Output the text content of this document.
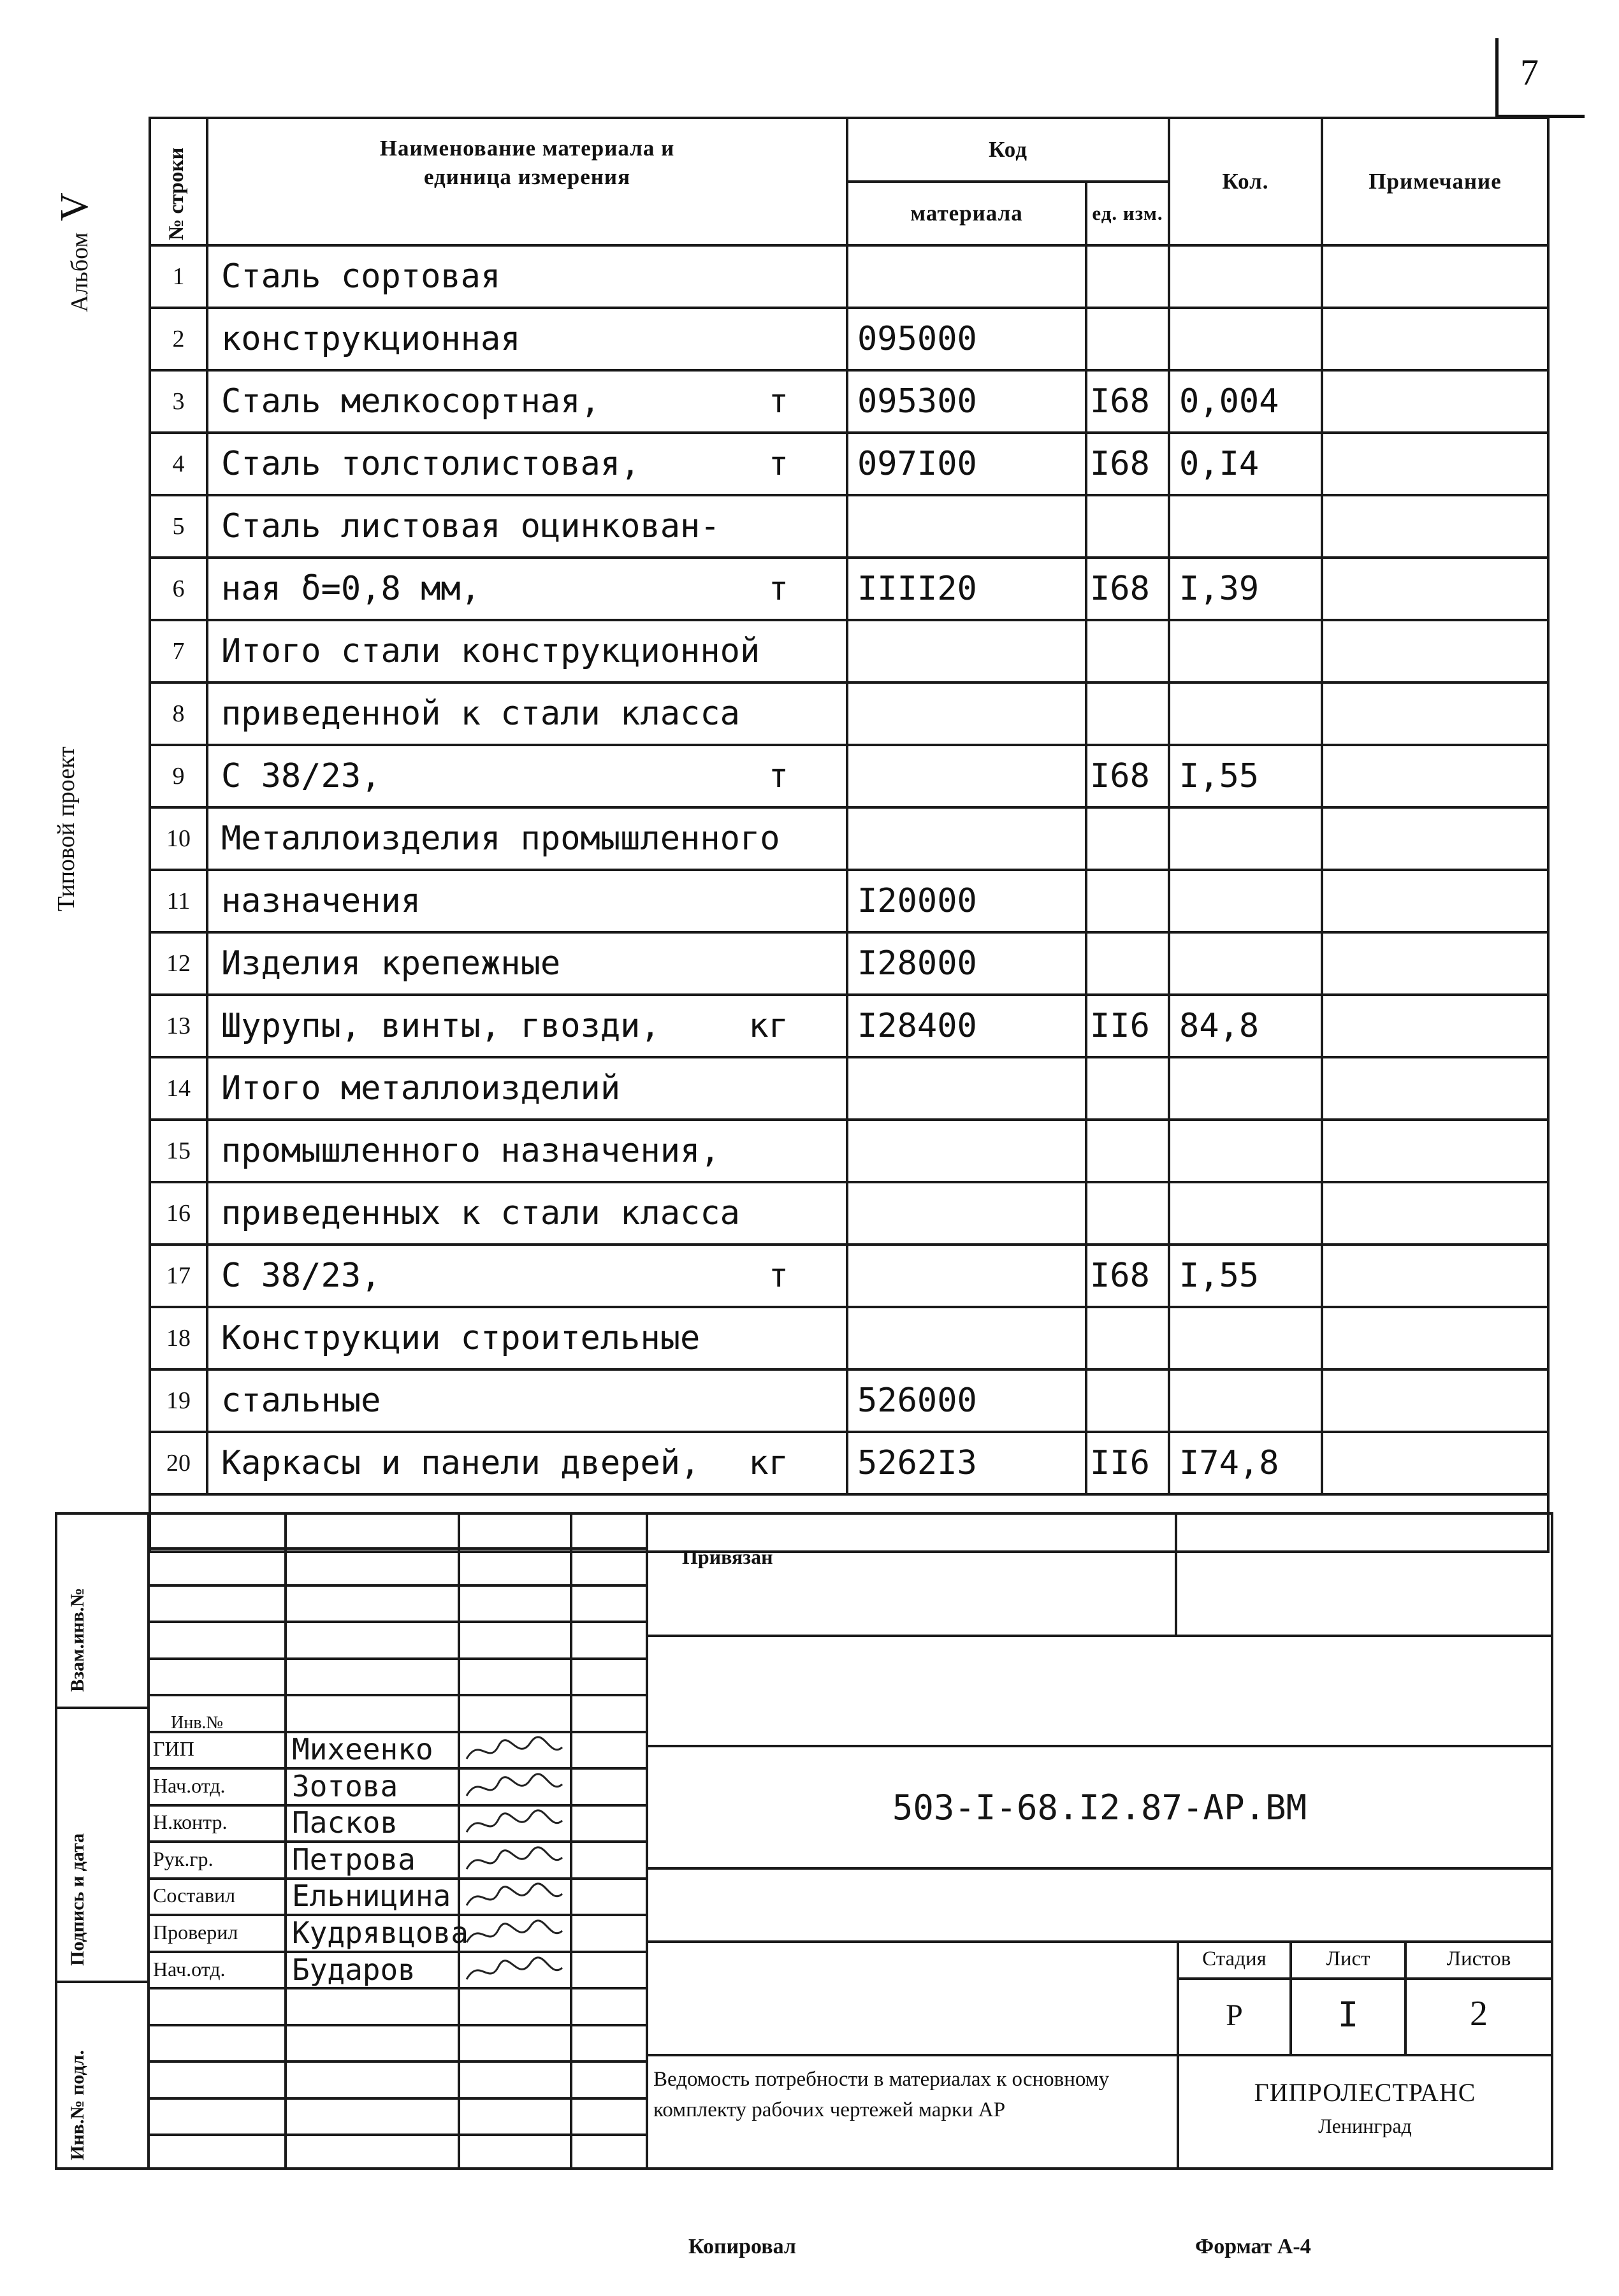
7
Альбом V
Типовой проект
№ строки	Наименование материала и единица измерения	Код		Кол.	Примечание
		материала	ед. изм.		
1	Сталь сортовая

2	конструкционная	095000			
3	Сталь мелкосортная, т	095300	I68	0,004	
4	Сталь толстолистовая, т	097I00	I68	0,I4	
5	Сталь листовая оцинкован-

6	ная δ=0,8 мм, т	IIII20	I68	I,39	
7	Итого стали конструкционной

8	приведенной к стали класса

9	С 38/23, т		I68	I,55	
10	Металлоизделия промышленного

11	назначения	I20000			
12	Изделия крепежные	I28000			
13	Шурупы, винты, гвозди, кг	I28400	II6	84,8	
14	Итого металлоизделий

15	промышленного назначения,

16	приведенных к стали класса

17	С 38/23, т		I68	I,55	
18	Конструкции строительные

19	стальные	526000			
20	Каркасы и панели дверей, кг	5262I3	II6	I74,8	

Взам.инв.№
Подпись и дата
Инв.№ подл.
Привязан
Инв.№
ГИП	Михеенко
Нач.отд. Зотова
Н.контр. Пасков
Рук.гр.	Петрова
Составил Ельницина
Проверил Кудрявцова
Нач.отд. Бударов
503-I-68.I2.87-АР.ВМ
Стадия	Лист	Листов
Р	I	2
Ведомость потребности в материалах к основному комплекту рабочих чертежей марки АР
ГИПРОЛЕСТРАНС
Ленинград
Копировал	Формат А-4
